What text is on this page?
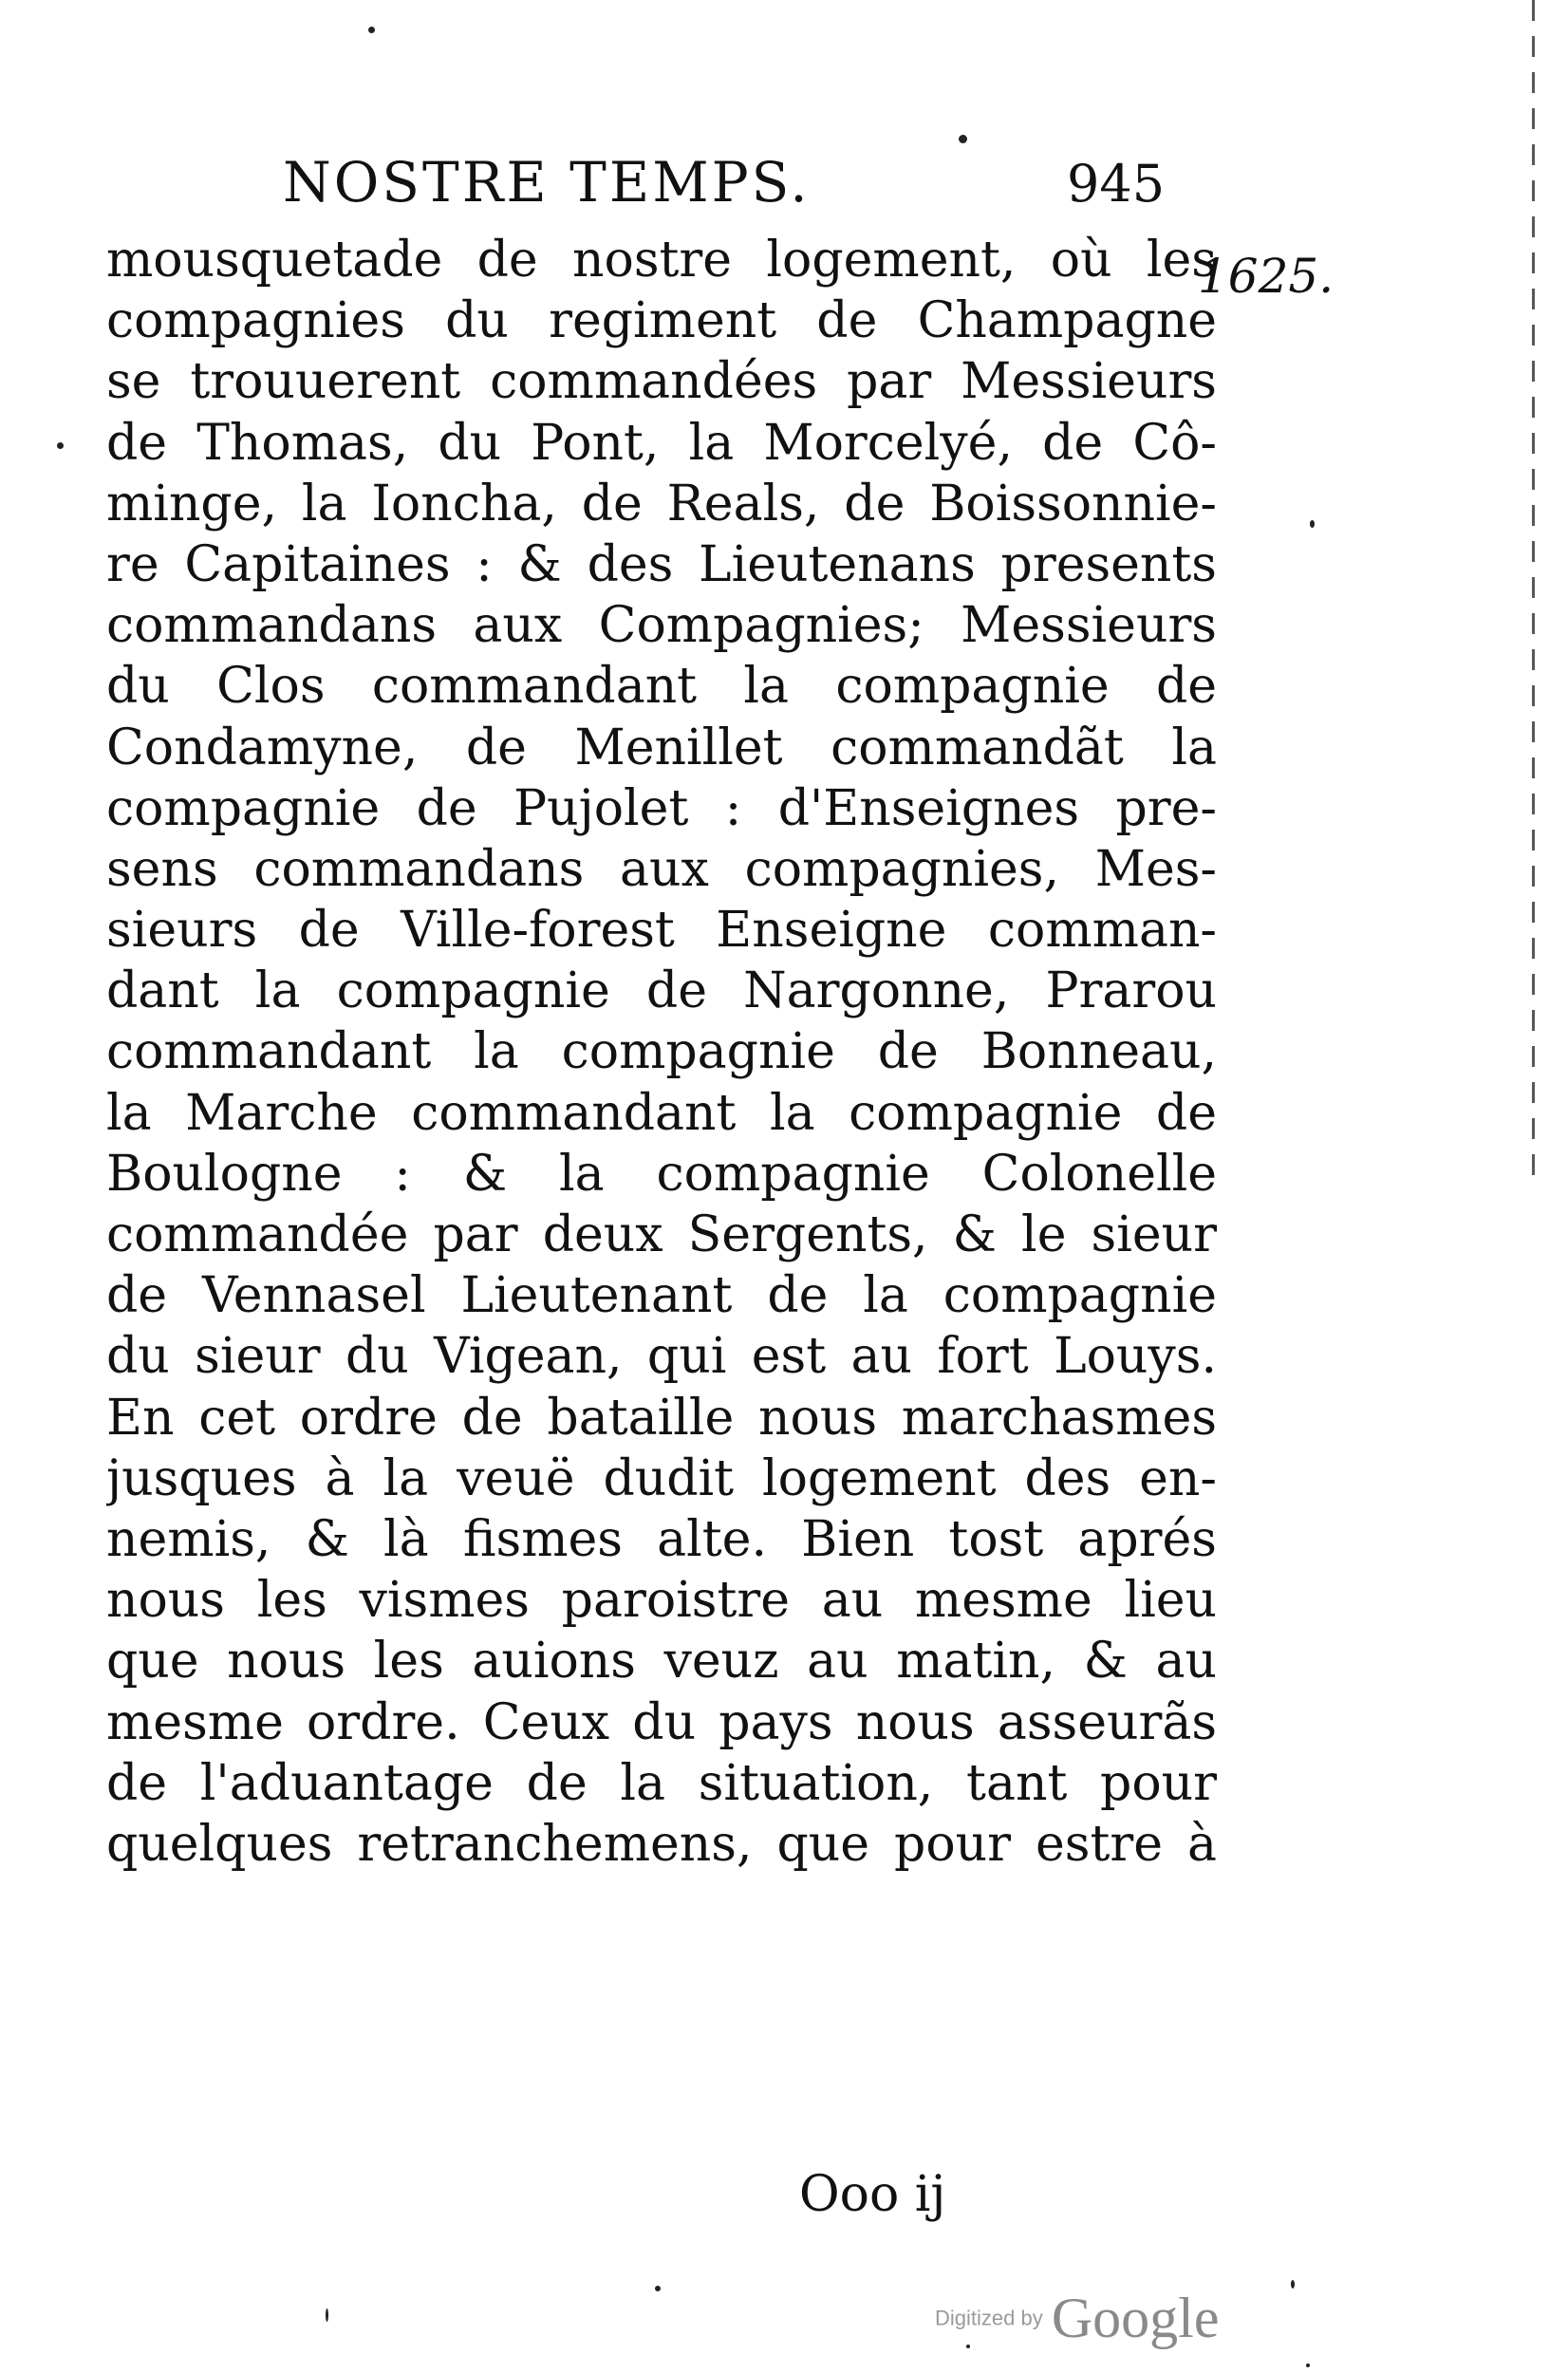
NOSTRE TEMPS.	945
1625.
mousquetade de nostre logement, où les
compagnies du regiment de Champagne
se trouuerent commandées par Messieurs
de Thomas, du Pont, la Morcelyé, de Cô-
minge, la Ioncha, de Reals, de Boissonnie-
re Capitaines : & des Lieutenans presents
commandans aux Compagnies; Messieurs
du Clos commandant la compagnie de
Condamyne, de Menillet commandãt la
compagnie de Pujolet : d'Enseignes pre-
sens commandans aux compagnies, Mes-
sieurs de Ville-forest Enseigne comman-
dant la compagnie de Nargonne, Prarou
commandant la compagnie de Bonneau,
la Marche commandant la compagnie de
Boulogne : & la compagnie Colonelle
commandée par deux Sergents, & le sieur
de Vennasel Lieutenant de la compagnie
du sieur du Vigean, qui est au fort Louys.
En cet ordre de bataille nous marchasmes
jusques à la veuë dudit logement des en-
nemis, & là fismes alte. Bien tost aprés
nous les vismes paroistre au mesme lieu
que nous les auions veuz au matin, & au
mesme ordre. Ceux du pays nous asseurãs
de l'aduantage de la situation, tant pour
quelques retranchemens, que pour estre à
Ooo ij
Digitized by Google
